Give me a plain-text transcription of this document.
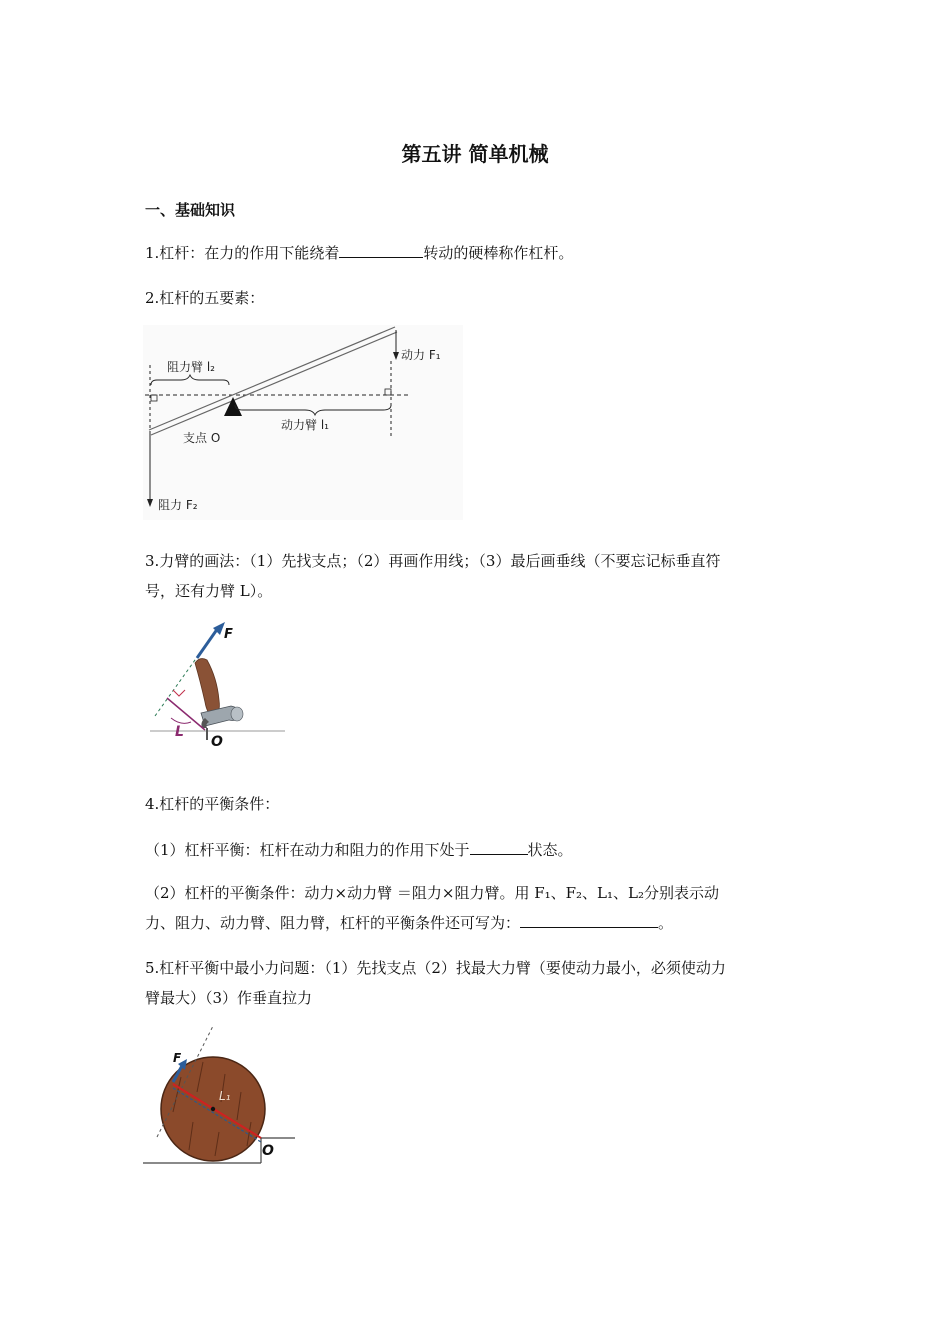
第五讲 简单机械
一、基础知识
1.杠杆：在力的作用下能绕着	转动的硬棒称作杠杆。
2.杠杆的五要素：
阻力臂 l₂
动力 F₁
动力臂 l₁
支点 O
阻力 F₂
3.力臂的画法：（1）先找支点；（2）再画作用线；（3）最后画垂线（不要忘记标垂直符
号，还有力臂 L）。
F
L
O
4.杠杆的平衡条件：
（1）杠杆平衡：杠杆在动力和阻力的作用下处于	状态。
（2）杠杆的平衡条件：动力×动力臂 ＝阻力×阻力臂。用 F₁、F₂、L₁、L₂分别表示动
力、阻力、动力臂、阻力臂，杠杆的平衡条件还可写为：	。
5.杠杆平衡中最小力问题：（1）先找支点（2）找最大力臂（要使动力最小，必须使动力
臂最大）（3）作垂直拉力
F
L₁
O
